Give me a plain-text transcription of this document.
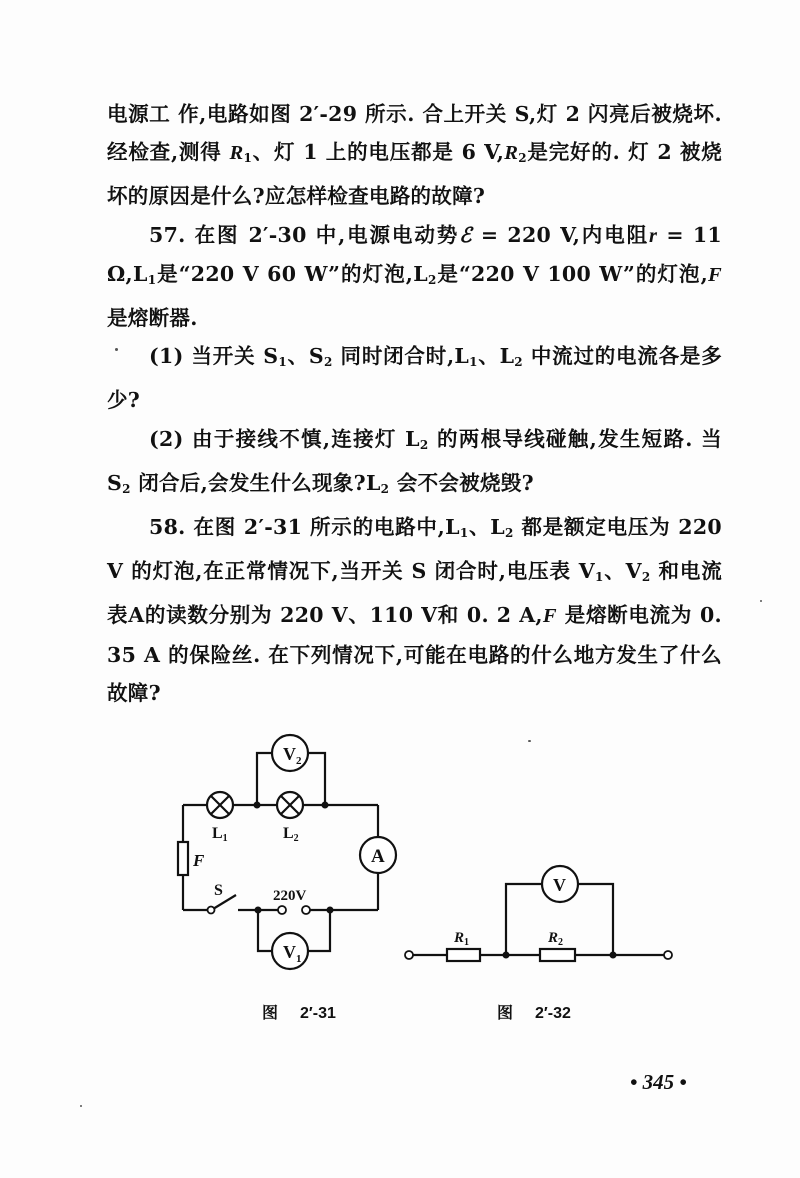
电源工 作,电路如图 2′-29 所示. 合上开关 S,灯 2 闪亮后被烧坏. 经检查,测得 $R_1$、灯 1 上的电压都是 6 $V,R_2$是完好的. 灯 2 被烧坏的原因是什么?应怎样检查电路的故障?

57. 在图 2′-30 中,电源电动势ℰ = 220 V,内电阻r = 11 $\Omega,L_1$是“220 V 60 W”的灯泡$,L_2$是“220 V 100 W”的灯泡,F 是熔断器.

(1) 当开关 $S_1$、$S_2$ 同时闭合时$,L_1$、$L_2$ 中流过的电流各是多少?

(2) 由于接线不慎,连接灯 $L_2$ 的两根导线碰触,发生短路. 当 $S_2$ 闭合后,会发生什么现象$?L_2$ 会不会被烧毁?

58. 在图 2′-31 所示的电路中$,L_1$、$L_2$ 都是额定电压为 220 V 的灯泡,在正常情况下,当开关 S 闭合时,电压表 $V_1$、$V_2$ 和电流表A的读数分别为 220 V、110 V和 0. 2 A,F 是熔断电流为 0. 35 A 的保险丝. 在下列情况下,可能在电路的什么地方发生了什么故障?

$V_2$
$V_1$
A
L1	L2
F
S	220V
V
$R_1$	$R_2$
图 2′-31	图 2′-32
• 345 •
